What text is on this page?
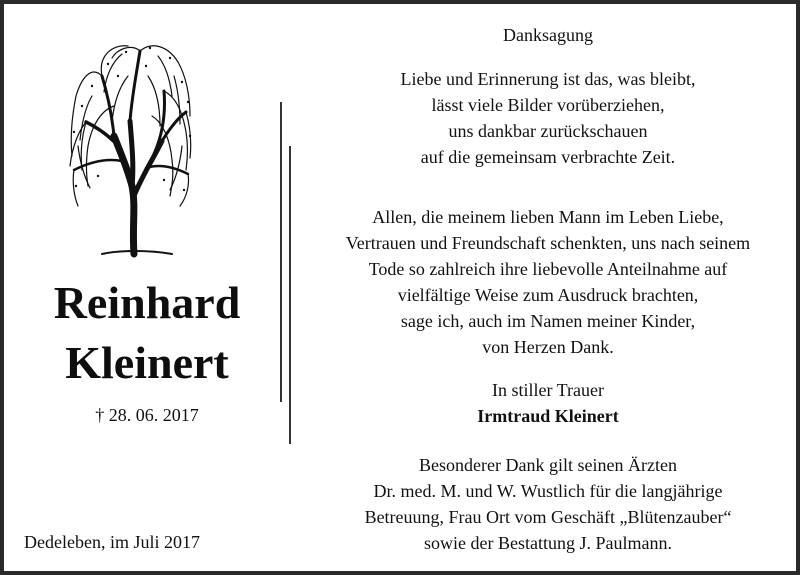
Reinhard
Kleinert
† 28. 06. 2017
Dedeleben, im Juli 2017
Danksagung
Liebe und Erinnerung ist das, was bleibt,
lässt viele Bilder vorüberziehen,
uns dankbar zurückschauen
auf die gemeinsam verbrachte Zeit.
Allen, die meinem lieben Mann im Leben Liebe,
Vertrauen und Freundschaft schenkten, uns nach seinem
Tode so zahlreich ihre liebevolle Anteilnahme auf
vielfältige Weise zum Ausdruck brachten,
sage ich, auch im Namen meiner Kinder,
von Herzen Dank.
In stiller Trauer
Irmtraud Kleinert
Besonderer Dank gilt seinen Ärzten
Dr. med. M. und W. Wustlich für die langjährige
Betreuung, Frau Ort vom Geschäft „Blütenzauber“
sowie der Bestattung J. Paulmann.
